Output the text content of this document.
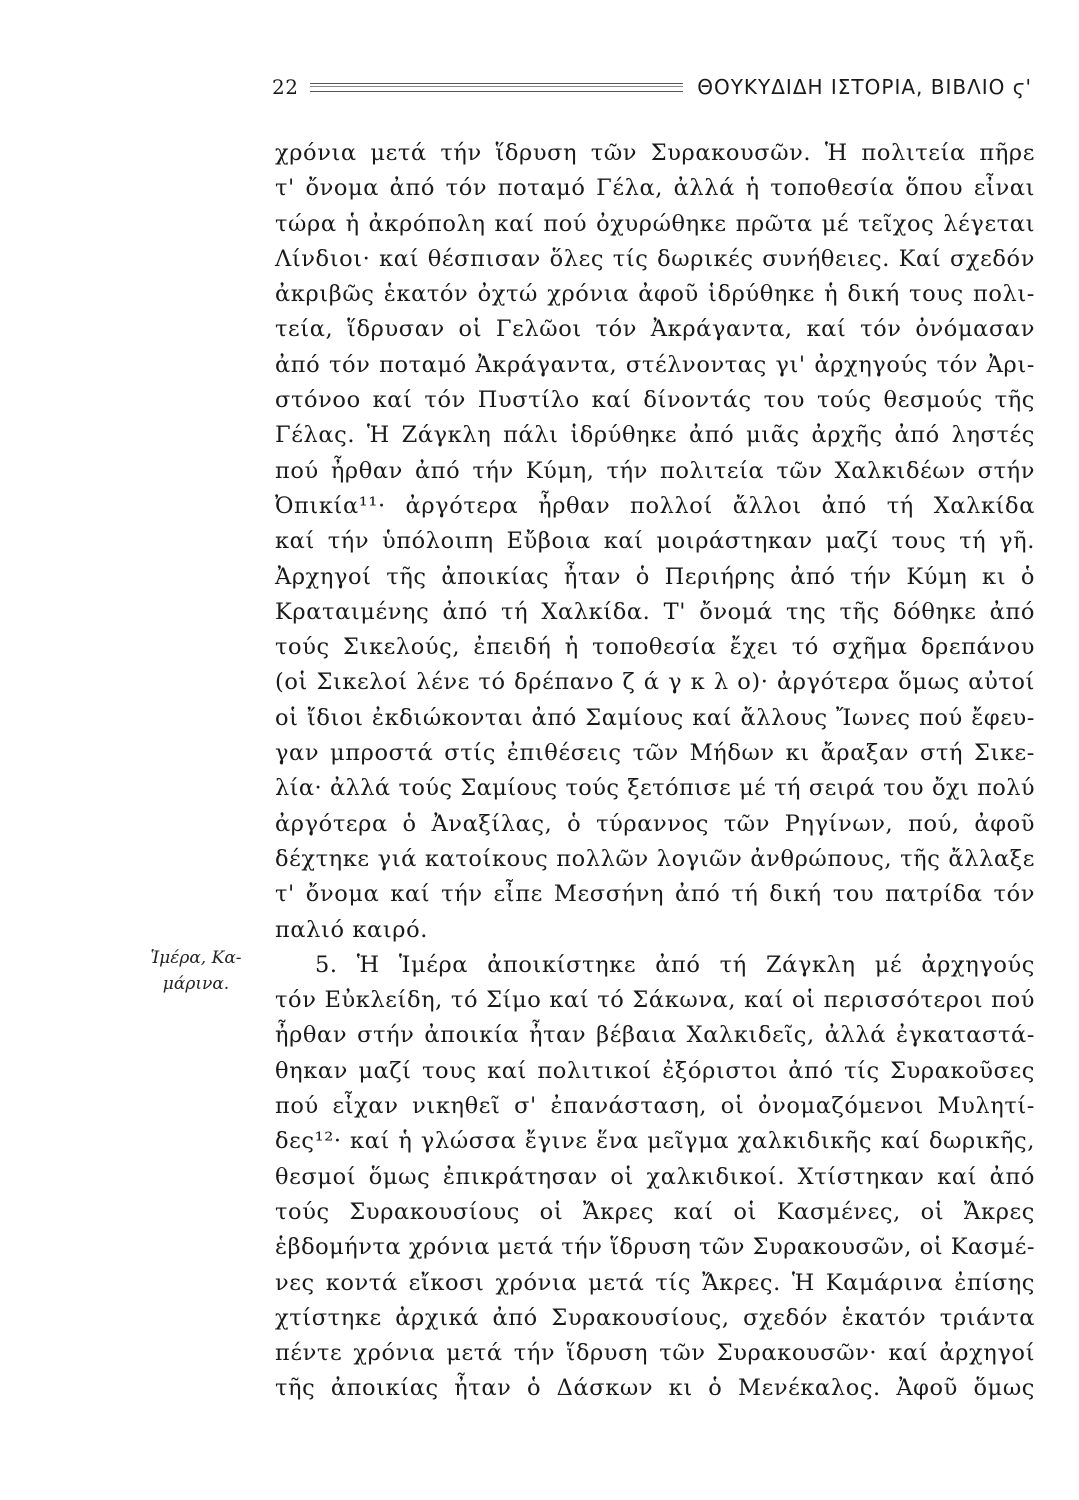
22	ΘΟΥΚΥΔΙΔΗ ΙΣΤΟΡΙΑ, ΒΙΒΛΙΟ ϛ'
Ἱμέρα, Κα-
μάρινα.
χρόνια μετά τήν ἵδρυση τῶν Συρακουσῶν. Ἡ πολιτεία πῆρε
τ' ὄνομα ἀπό τόν ποταμό Γέλα, ἀλλά ἡ τοποθεσία ὅπου εἶναι
τώρα ἡ ἀκρόπολη καί πού ὀχυρώθηκε πρῶτα μέ τεῖχος λέγεται
Λίνδιοι· καί θέσπισαν ὅλες τίς δωρικές συνήθειες. Καί σχεδόν
ἀκριβῶς ἑκατόν ὀχτώ χρόνια ἀφοῦ ἱδρύθηκε ἡ δική τους πολι-
τεία, ἵδρυσαν οἱ Γελῶοι τόν Ἀκράγαντα, καί τόν ὀνόμασαν
ἀπό τόν ποταμό Ἀκράγαντα, στέλνοντας γι' ἀρχηγούς τόν Ἀρι-
στόνοο καί τόν Πυστίλο καί δίνοντάς του τούς θεσμούς τῆς
Γέλας. Ἡ Ζάγκλη πάλι ἱδρύθηκε ἀπό μιᾶς ἀρχῆς ἀπό ληστές
πού ἦρθαν ἀπό τήν Κύμη, τήν πολιτεία τῶν Χαλκιδέων στήν
Ὀπικία¹¹· ἀργότερα ἦρθαν πολλοί ἄλλοι ἀπό τή Χαλκίδα
καί τήν ὑπόλοιπη Εὔβοια καί μοιράστηκαν μαζί τους τή γῆ.
Ἀρχηγοί τῆς ἀποικίας ἦταν ὁ Περιήρης ἀπό τήν Κύμη κι ὁ
Κραταιμένης ἀπό τή Χαλκίδα. Τ' ὄνομά της τῆς δόθηκε ἀπό
τούς Σικελούς, ἐπειδή ἡ τοποθεσία ἔχει τό σχῆμα δρεπάνου
(οἱ Σικελοί λένε τό δρέπανο ζ ά γ κ λ ο)· ἀργότερα ὅμως αὐτοί
οἱ ἴδιοι ἐκδιώκονται ἀπό Σαμίους καί ἄλλους Ἴωνες πού ἔφευ-
γαν μπροστά στίς ἐπιθέσεις τῶν Μήδων κι ἄραξαν στή Σικε-
λία· ἀλλά τούς Σαμίους τούς ξετόπισε μέ τή σειρά του ὄχι πολύ
ἀργότερα ὁ Ἀναξίλας, ὁ τύραννος τῶν Ρηγίνων, πού, ἀφοῦ
δέχτηκε γιά κατοίκους πολλῶν λογιῶν ἀνθρώπους, τῆς ἄλλαξε
τ' ὄνομα καί τήν εἶπε Μεσσήνη ἀπό τή δική του πατρίδα τόν
παλιό καιρό.
5. Ἡ Ἱμέρα ἀποικίστηκε ἀπό τή Ζάγκλη μέ ἀρχηγούς
τόν Εὐκλείδη, τό Σίμο καί τό Σάκωνα, καί οἱ περισσότεροι πού
ἦρθαν στήν ἀποικία ἦταν βέβαια Χαλκιδεῖς, ἀλλά ἐγκαταστά-
θηκαν μαζί τους καί πολιτικοί ἐξόριστοι ἀπό τίς Συρακοῦσες
πού εἶχαν νικηθεῖ σ' ἐπανάσταση, οἱ ὀνομαζόμενοι Μυλητί-
δες¹²· καί ἡ γλώσσα ἔγινε ἕνα μεῖγμα χαλκιδικῆς καί δωρικῆς,
θεσμοί ὅμως ἐπικράτησαν οἱ χαλκιδικοί. Χτίστηκαν καί ἀπό
τούς Συρακουσίους οἱ Ἄκρες καί οἱ Κασμένες, οἱ Ἄκρες
ἑβδομήντα χρόνια μετά τήν ἵδρυση τῶν Συρακουσῶν, οἱ Κασμέ-
νες κοντά εἴκοσι χρόνια μετά τίς Ἄκρες. Ἡ Καμάρινα ἐπίσης
χτίστηκε ἀρχικά ἀπό Συρακουσίους, σχεδόν ἑκατόν τριάντα
πέντε χρόνια μετά τήν ἵδρυση τῶν Συρακουσῶν· καί ἀρχηγοί
τῆς ἀποικίας ἦταν ὁ Δάσκων κι ὁ Μενέκαλος. Ἀφοῦ ὅμως
